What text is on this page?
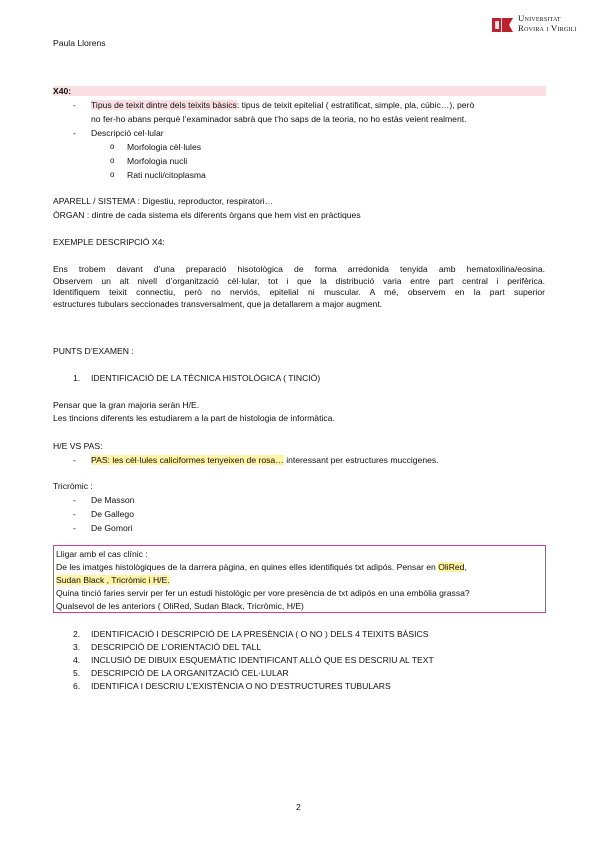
Universitat
Rovira i Virgili
Paula Llorens
X40:
- Tipus de teixit dintre dels teixits bàsics: tipus de teixit epitelial ( estratificat, simple, pla, cúbic…), però
no fer-ho abans perquè l’examinador sabrà que t’ho saps de la teoria, no ho estàs veient realment.
- Descripció cel·lular
o Morfologia cèl·lules
o Morfologia nucli
o Rati nucli/citoplasma
APARELL / SISTEMA : Digestiu, reproductor, respiratori…
ÒRGAN : dintre de cada sistema els diferents òrgans que hem vist en pràctiques
EXEMPLE DESCRIPCIÓ X4:
Ens trobem davant d’una preparació hisotològica de forma arredonida tenyida amb hematoxilina/eosina.
Observem un alt nivell d’organització cèl·lular, tot i que la distribució varia entre part central i perifèrica.
Identifiquem teixit connectiu, però no nerviós, epitelial ni muscular. A mé, observem en la part superior
estructures tubulars seccionades transversalment, que ja detallarem a major augment.
PUNTS D’EXAMEN :
1. IDENTIFICACIÓ DE LA TÈCNICA HISTOLÒGICA ( TINCIÓ)
Pensar que la gran majoria seràn H/E.
Les tincions diferents les estudiarem a la part de histologia de informàtica.
H/E VS PAS:
- PAS: les cèl·lules caliciformes tenyeixen de rosa… interessant per estructures muccigenes.
Tricròmic :
- De Masson
- De Gallego
- De Gomori
Lligar amb el cas clínic :
De les imatges histològiques de la darrera pàgina, en quines elles identifiqués txt adipós. Pensar en OliRed,
Sudan Black , Tricròmic i H/E.
Quina tinció faries servir per fer un estudi histològic per vore presència de txt adipós en una embòlia grassa?
Qualsevol de les anteriors ( OliRed, Sudan Black, Tricròmic, H/E)
2. IDENTIFICACIÓ I DESCRIPCIÓ DE LA PRESÈNCIA ( O NO ) DELS 4 TEIXITS BÀSICS
3. DESCRIPCIÓ DE L’ORIENTACIÓ DEL TALL
4. INCLUSIÓ DE DIBUIX ESQUEMÀTIC IDENTIFICANT ALLÒ QUE ES DESCRIU AL TEXT
5. DESCRIPCIÓ DE LA ORGANITZACIÓ CEL·LULAR
6. IDENTIFICA I DESCRIU L’EXISTÈNCIA O NO D’ESTRUCTURES TUBULARS
2
